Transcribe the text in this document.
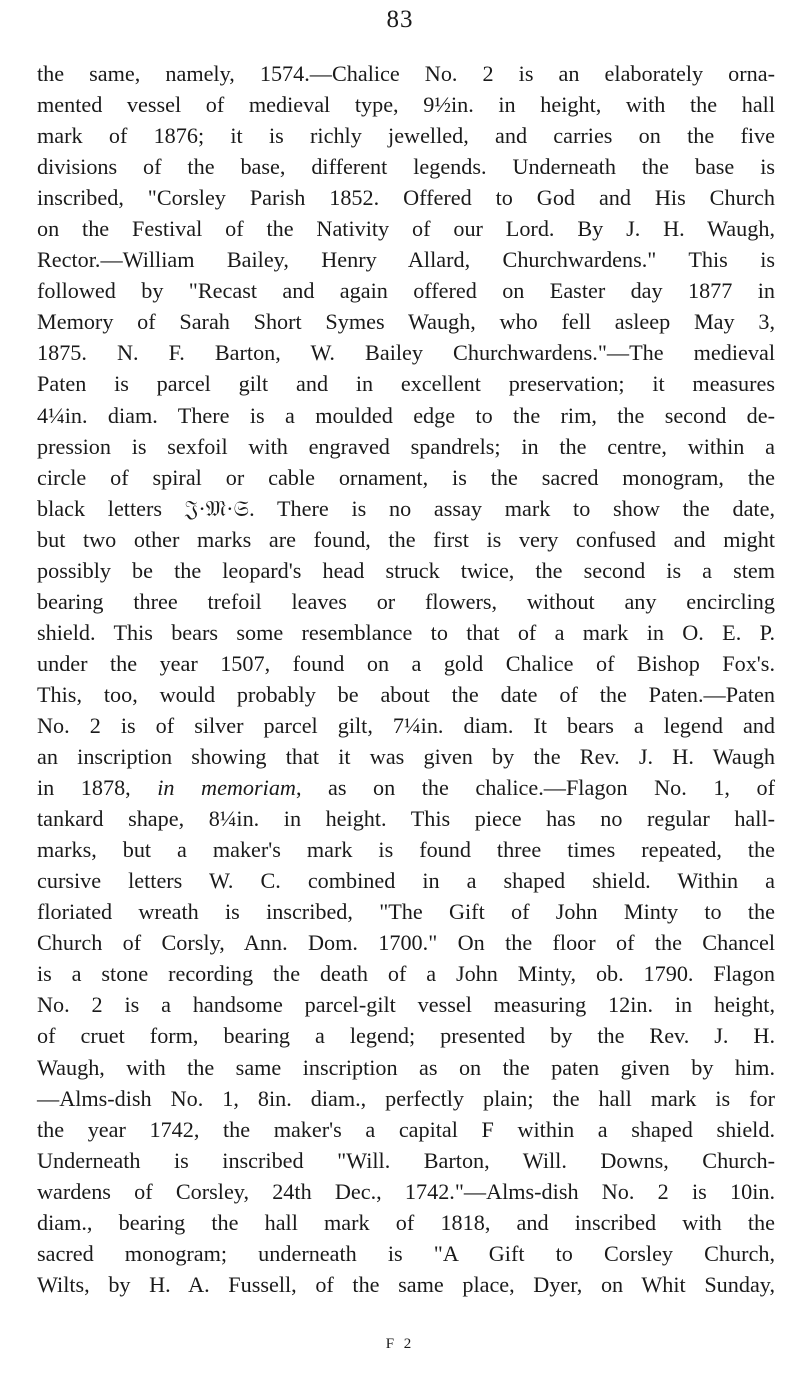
83
the same, namely, 1574.—Chalice No. 2 is an elaborately orna-
mented vessel of medieval type, 9½in. in height, with the hall
mark of 1876; it is richly jewelled, and carries on the five
divisions of the base, different legends. Underneath the base is
inscribed, "Corsley Parish 1852. Offered to God and His Church
on the Festival of the Nativity of our Lord. By J. H. Waugh,
Rector.—William Bailey, Henry Allard, Churchwardens." This is
followed by "Recast and again offered on Easter day 1877 in
Memory of Sarah Short Symes Waugh, who fell asleep May 3,
1875. N. F. Barton, W. Bailey Churchwardens."—The medieval
Paten is parcel gilt and in excellent preservation; it measures
4¼in. diam. There is a moulded edge to the rim, the second de-
pression is sexfoil with engraved spandrels; in the centre, within a
circle of spiral or cable ornament, is the sacred monogram, the
black letters 𝔍·𝔐·𝔖. There is no assay mark to show the date,
but two other marks are found, the first is very confused and might
possibly be the leopard's head struck twice, the second is a stem
bearing three trefoil leaves or flowers, without any encircling
shield. This bears some resemblance to that of a mark in O. E. P.
under the year 1507, found on a gold Chalice of Bishop Fox's.
This, too, would probably be about the date of the Paten.—Paten
No. 2 is of silver parcel gilt, 7¼in. diam. It bears a legend and
an inscription showing that it was given by the Rev. J. H. Waugh
in 1878, in memoriam, as on the chalice.—Flagon No. 1, of
tankard shape, 8¼in. in height. This piece has no regular hall-
marks, but a maker's mark is found three times repeated, the
cursive letters W. C. combined in a shaped shield. Within a
floriated wreath is inscribed, "The Gift of John Minty to the
Church of Corsly, Ann. Dom. 1700." On the floor of the Chancel
is a stone recording the death of a John Minty, ob. 1790. Flagon
No. 2 is a handsome parcel-gilt vessel measuring 12in. in height,
of cruet form, bearing a legend; presented by the Rev. J. H.
Waugh, with the same inscription as on the paten given by him.
—Alms-dish No. 1, 8in. diam., perfectly plain; the hall mark is for
the year 1742, the maker's a capital F within a shaped shield.
Underneath is inscribed "Will. Barton, Will. Downs, Church-
wardens of Corsley, 24th Dec., 1742."—Alms-dish No. 2 is 10in.
diam., bearing the hall mark of 1818, and inscribed with the
sacred monogram; underneath is "A Gift to Corsley Church,
Wilts, by H. A. Fussell, of the same place, Dyer, on Whit Sunday,
F 2
